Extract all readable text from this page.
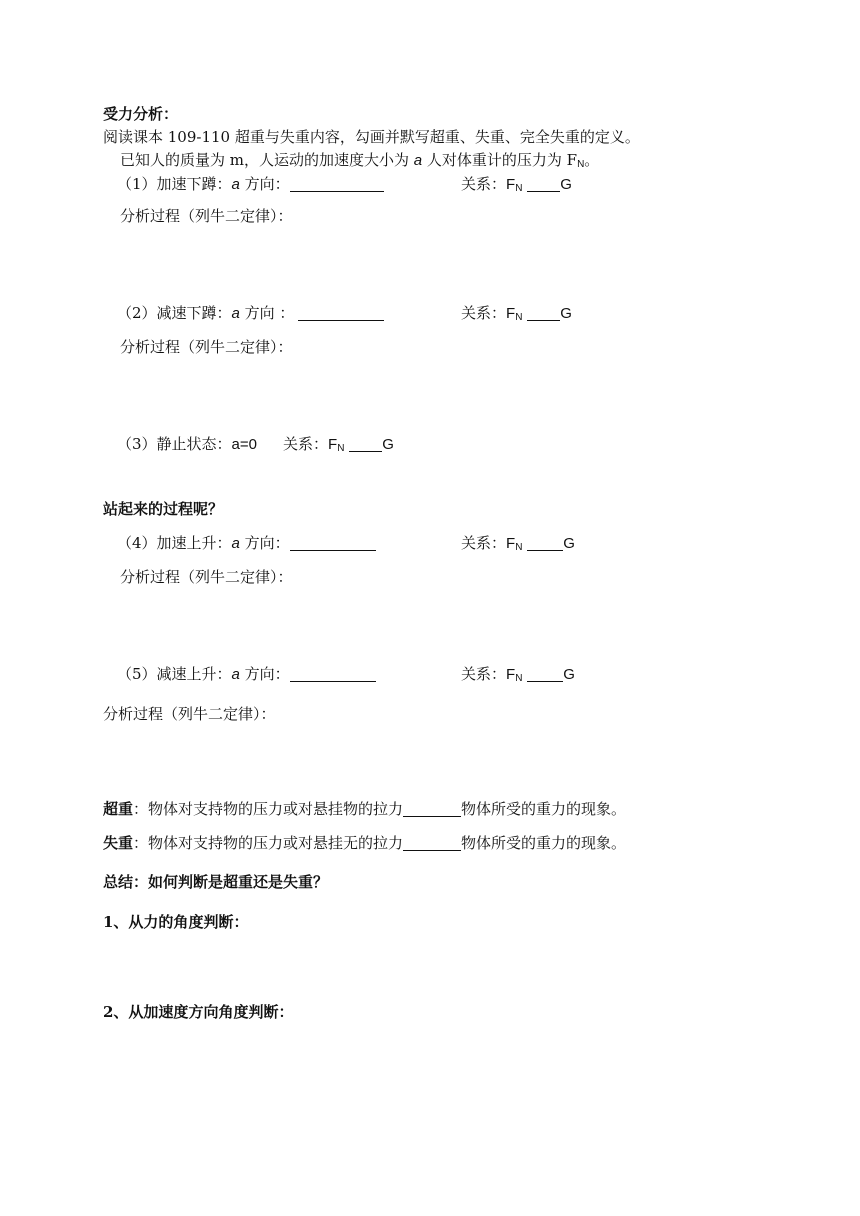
受力分析：
阅读课本 109-110 超重与失重内容，勾画并默写超重、失重、完全失重的定义。
已知人的质量为 m，人运动的加速度大小为 a 人对体重计的压力为 $F_N$。
（1）加速下蹲：a 方向：	关系：$F_N$	G
分析过程（列牛二定律）：
（2）减速下蹲：a 方向 ：	关系：$F_N$	G
分析过程（列牛二定律）：
（3）静止状态：a=0 关系：$F_N$	G
站起来的过程呢？
（4）加速上升：a 方向：	关系：$F_N$	G
分析过程（列牛二定律）：
（5）减速上升：a 方向：	关系：$F_N$	G
分析过程（列牛二定律）：
超重：物体对支持物的压力或对悬挂物的拉力	物体所受的重力的现象。
失重：物体对支持物的压力或对悬挂无的拉力	物体所受的重力的现象。
总结：如何判断是超重还是失重？
1、从力的角度判断：
2、从加速度方向角度判断：
